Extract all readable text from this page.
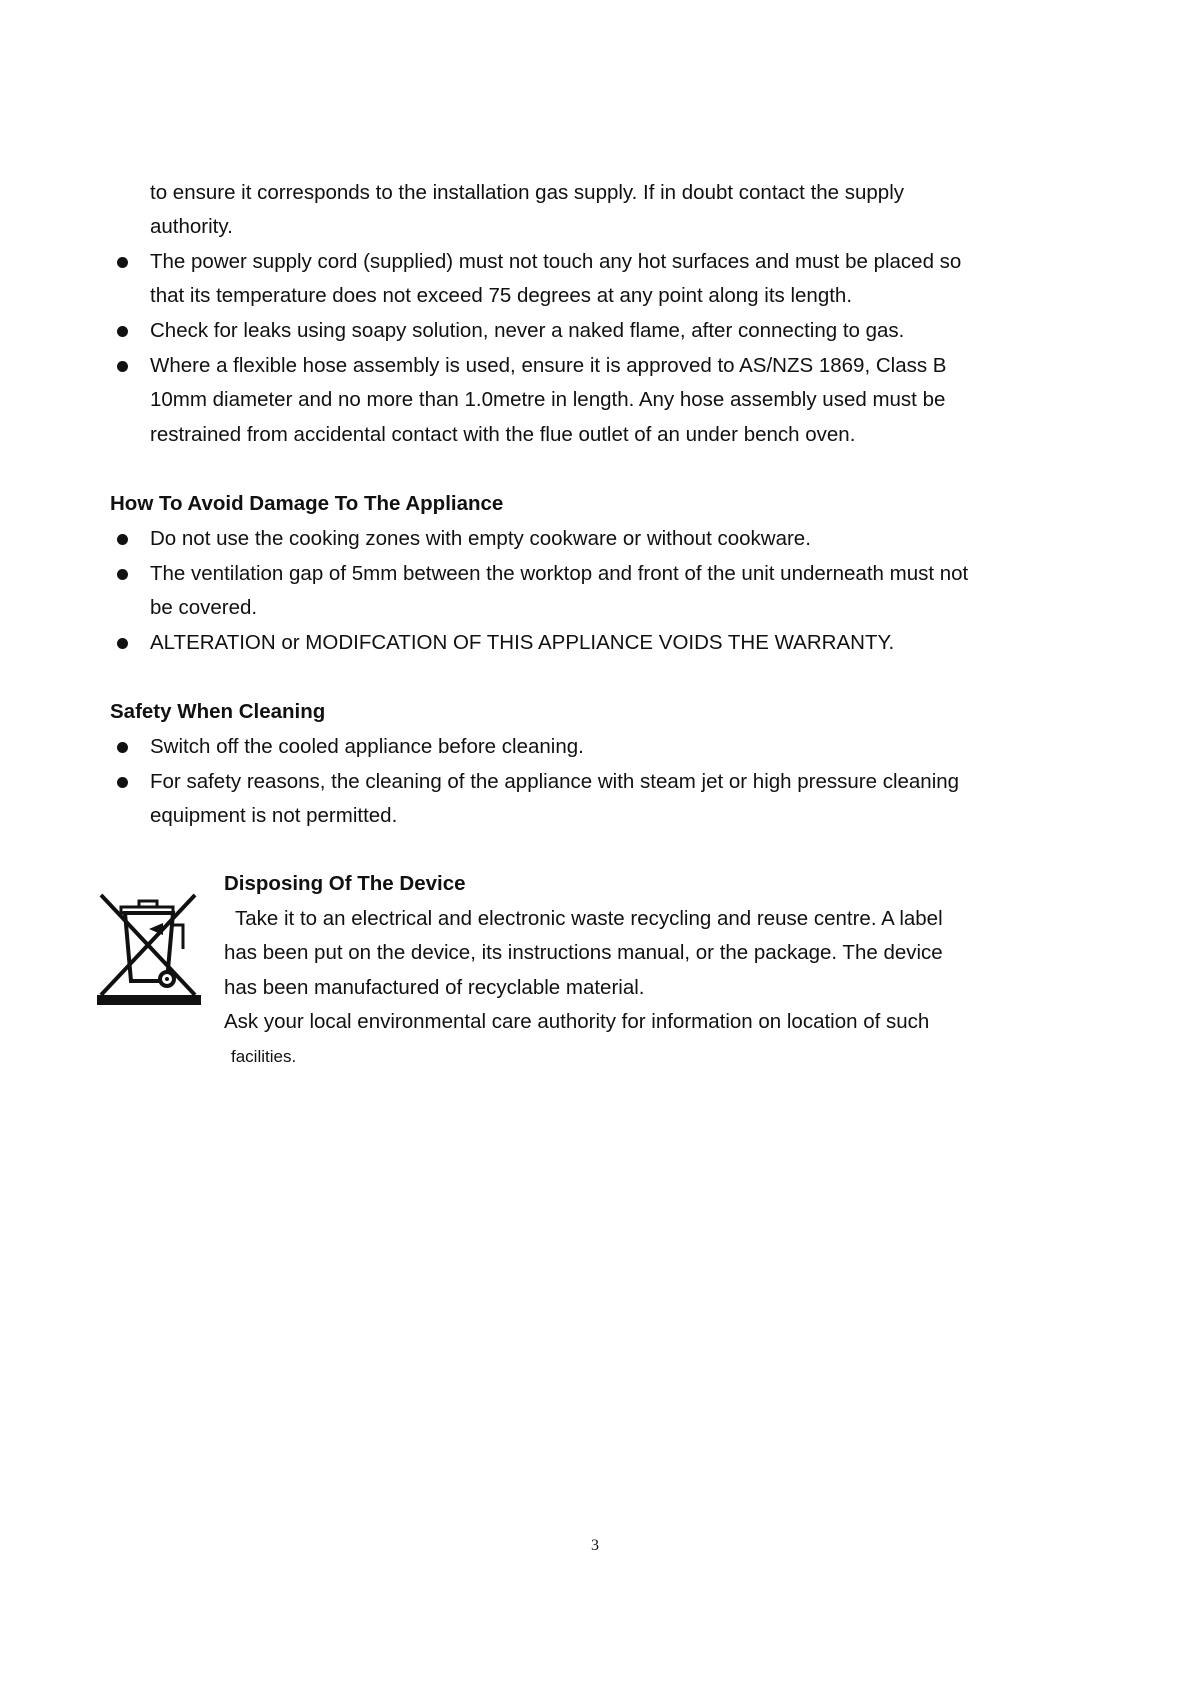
to ensure it corresponds to the installation gas supply. If in doubt contact the supply
authority.
The power supply cord (supplied) must not touch any hot surfaces and must be placed so
that its temperature does not exceed 75 degrees at any point along its length.
Check for leaks using soapy solution, never a naked flame, after connecting to gas.
Where a flexible hose assembly is used, ensure it is approved to AS/NZS 1869, Class B
10mm diameter and no more than 1.0metre in length. Any hose assembly used must be
restrained from accidental contact with the flue outlet of an under bench oven.
How To Avoid Damage To The Appliance
Do not use the cooking zones with empty cookware or without cookware.
The ventilation gap of 5mm between the worktop and front of the unit underneath must not
be covered.
ALTERATION or MODIFCATION OF THIS APPLIANCE VOIDS THE WARRANTY.
Safety When Cleaning
Switch off the cooled appliance before cleaning.
For safety reasons, the cleaning of the appliance with steam jet or high pressure cleaning
equipment is not permitted.
Disposing Of The Device
Take it to an electrical and electronic waste recycling and reuse centre. A label
has been put on the device, its instructions manual, or the package. The device
has been manufactured of recyclable material.
Ask your local environmental care authority for information on location of such
facilities.
3
